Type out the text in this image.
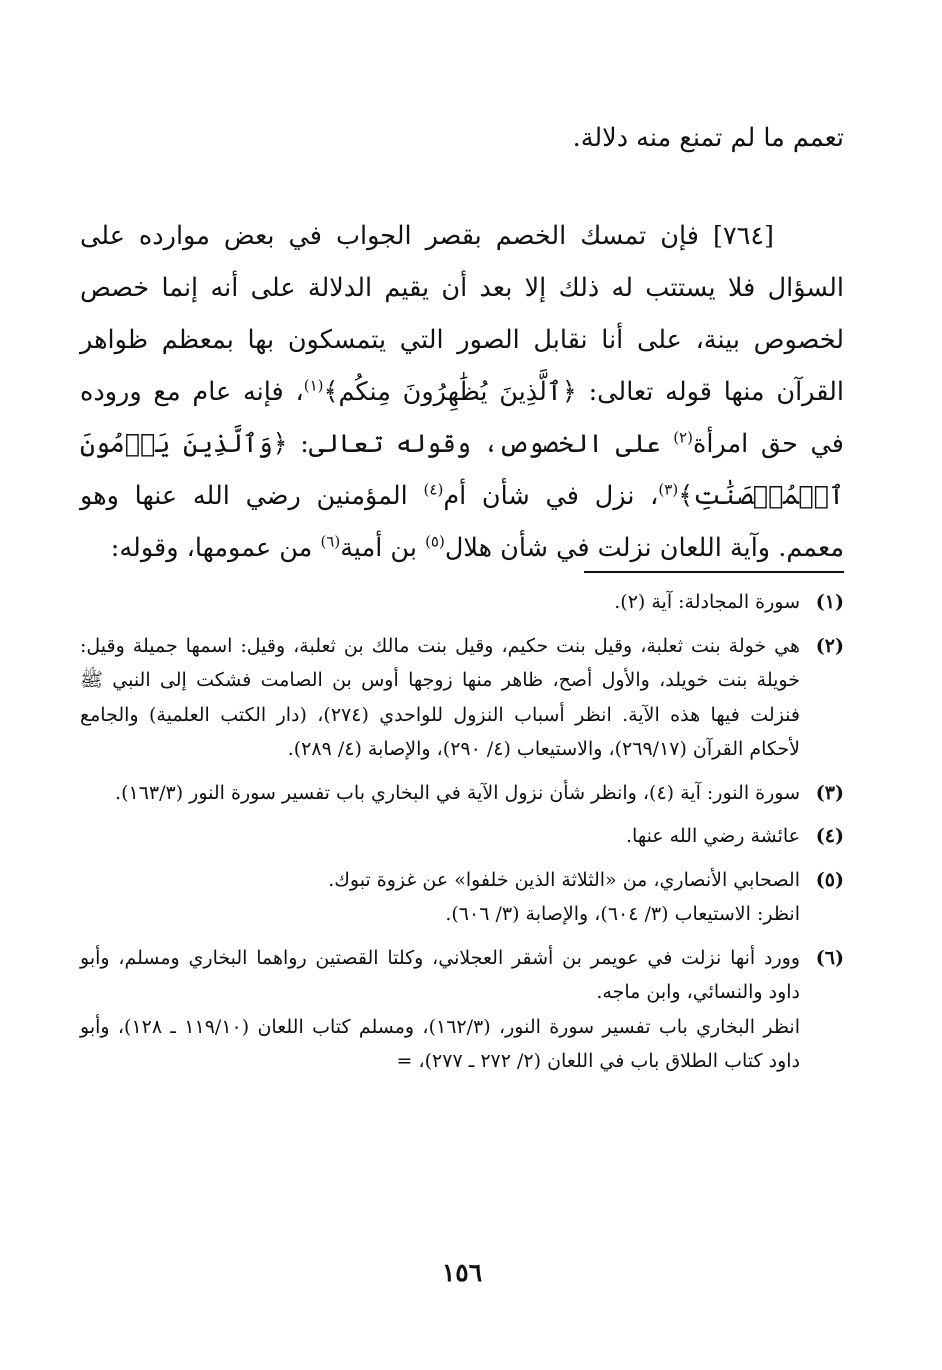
تعمم ما لم تمنع منه دلالة.

[٧٦٤] فإن تمسك الخصم بقصر الجواب في بعض موارده على السؤال فلا يستتب له ذلك إلا بعد أن يقيم الدلالة على أنه إنما خصص لخصوص بينة، على أنا نقابل الصور التي يتمسكون بها بمعظم ظواهر القرآن منها قوله تعالى: ﴿ٱلَّذِينَ يُظَٰهِرُونَ مِنكُم﴾$^{(١)}$، فإنه عام مع وروده في حق امرأة$^{(٢)}$ على الخصوص، وقوله تعالى: ﴿وَٱلَّذِينَ يَرۡمُونَ ٱلۡمُحۡصَنَٰتِ﴾$^{(٣)}$، نزل في شأن أم$^{(٤)}$ المؤمنين رضي الله عنها وهو معمم. وآية اللعان نزلت في شأن هلال$^{(٥)}$ بن أمية$^{(٦)}$ من عمومها، وقوله:

(١)

سورة المجادلة: آية (٢).

(٢)

هي خولة بنت ثعلبة، وقيل بنت حكيم، وقيل بنت مالك بن ثعلبة، وقيل: اسمها جميلة وقيل: خويلة بنت خويلد، والأول أصح، ظاهر منها زوجها أوس بن الصامت فشكت إلى النبي ﷺ فنزلت فيها هذه الآية. انظر أسباب النزول للواحدي (٢٧٤)، (دار الكتب العلمية) والجامع لأحكام القرآن (٢٦٩/١٧)، والاستيعاب (٤/ ٢٩٠)، والإصابة (٤/ ٢٨٩).

(٣)

سورة النور: آية (٤)، وانظر شأن نزول الآية في البخاري باب تفسير سورة النور (١٦٣/٣).

(٤)

عائشة رضي الله عنها.

(٥)

الصحابي الأنصاري، من «الثلاثة الذين خلفوا» عن غزوة تبوك.

انظر: الاستيعاب (٣/ ٦٠٤)، والإصابة (٣/ ٦٠٦).

(٦)

وورد أنها نزلت في عويمر بن أشقر العجلاني، وكلتا القصتين رواهما البخاري ومسلم، وأبو داود والنسائي، وابن ماجه.

انظر البخاري باب تفسير سورة النور، (١٦٢/٣)، ومسلم كتاب اللعان (١١٩/١٠ ـ ١٢٨)، وأبو داود كتاب الطلاق باب في اللعان (٢/ ٢٧٢ ـ ٢٧٧)، =

١٥٦
